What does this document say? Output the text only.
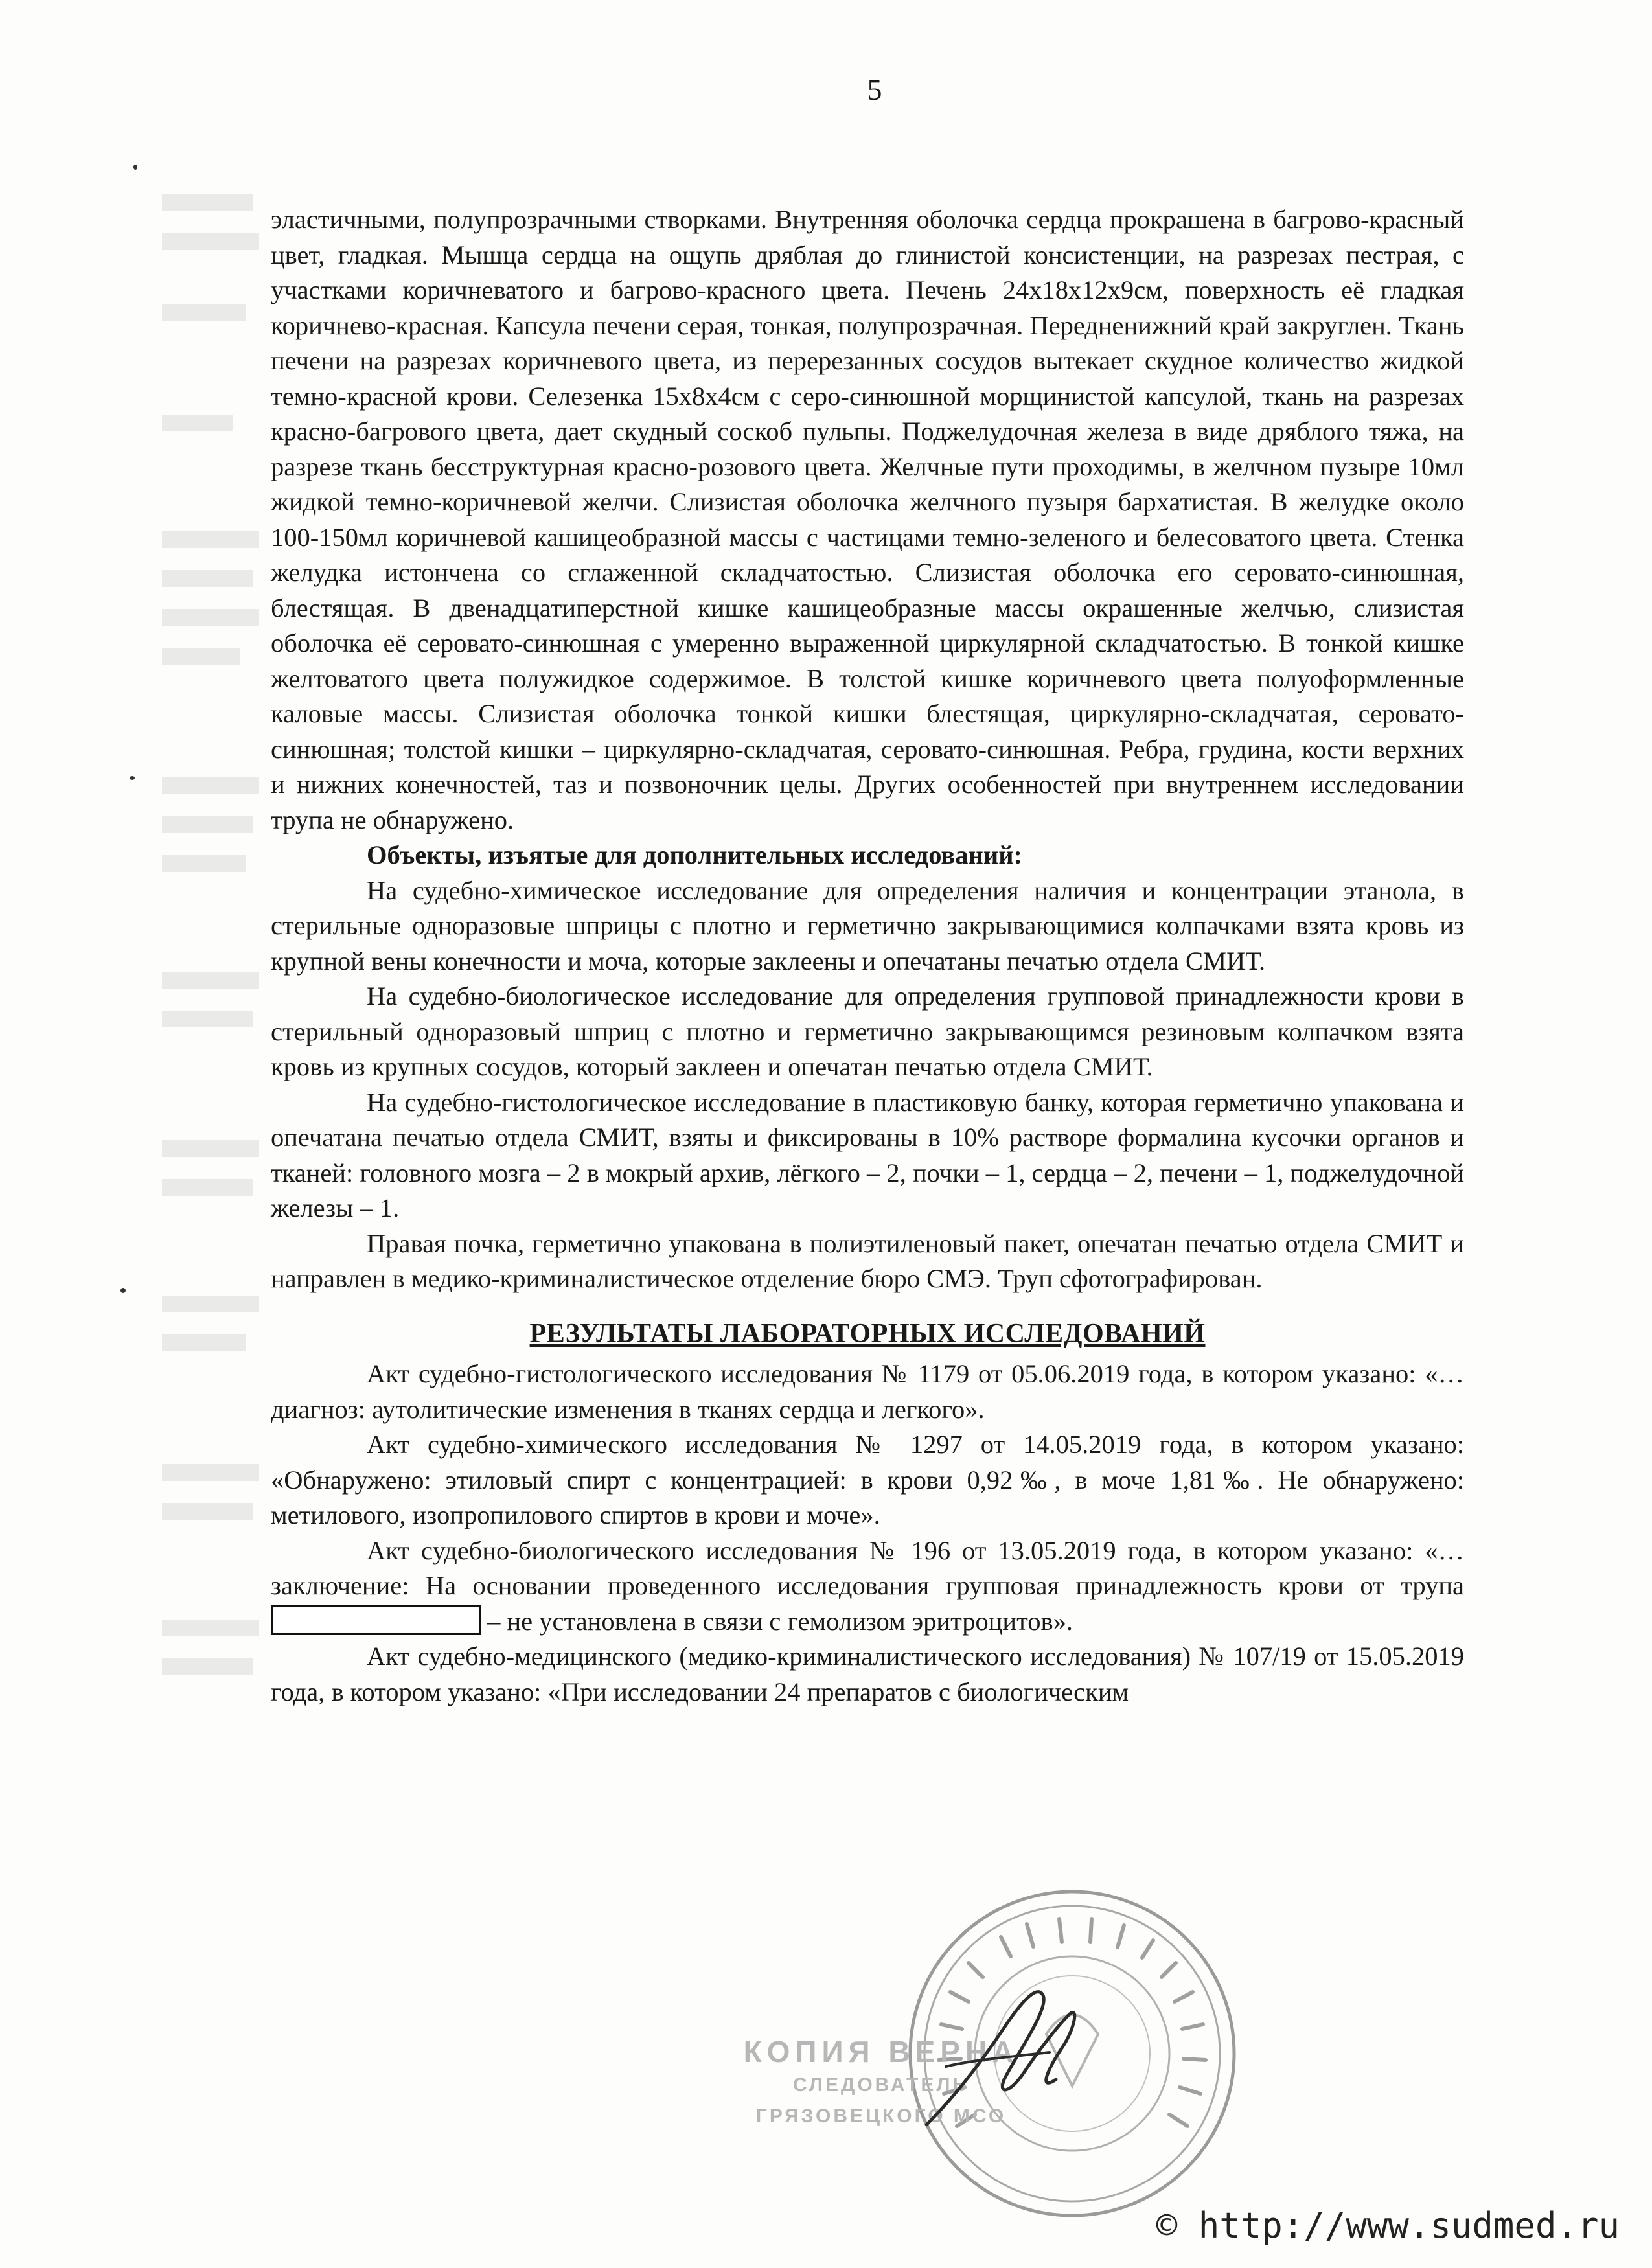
5

эластичными, полупрозрачными створками. Внутренняя оболочка сердца прокрашена в багрово-красный цвет, гладкая. Мышца сердца на ощупь дряблая до глинистой консистенции, на разрезах пестрая, с участками коричневатого и багрово-красного цвета. Печень 24х18х12х9см, поверхность её гладкая коричнево-красная. Капсула печени серая, тонкая, полупрозрачная. Передненижний край закруглен. Ткань печени на разрезах коричневого цвета, из перерезанных сосудов вытекает скудное количество жидкой темно-красной крови. Селезенка 15х8х4см с серо-синюшной морщинистой капсулой, ткань на разрезах красно-багрового цвета, дает скудный соскоб пульпы. Поджелудочная железа в виде дряблого тяжа, на разрезе ткань бесструктурная красно-розового цвета. Желчные пути проходимы, в желчном пузыре 10мл жидкой темно-коричневой желчи. Слизистая оболочка желчного пузыря бархатистая. В желудке около 100-150мл коричневой кашицеобразной массы с частицами темно-зеленого и белесоватого цвета. Стенка желудка истончена со сглаженной складчатостью. Слизистая оболочка его серовато-синюшная, блестящая. В двенадцатиперстной кишке кашицеобразные массы окрашенные желчью, слизистая оболочка её серовато-синюшная с умеренно выраженной циркулярной складчатостью. В тонкой кишке желтоватого цвета полужидкое содержимое. В толстой кишке коричневого цвета полуоформленные каловые массы. Слизистая оболочка тонкой кишки блестящая, циркулярно-складчатая, серовато-синюшная; толстой кишки – циркулярно-складчатая, серовато-синюшная. Ребра, грудина, кости верхних и нижних конечностей, таз и позвоночник целы. Других особенностей при внутреннем исследовании трупа не обнаружено.

Объекты, изъятые для дополнительных исследований:

На судебно-химическое исследование для определения наличия и концентрации этанола, в стерильные одноразовые шприцы с плотно и герметично закрывающимися колпачками взята кровь из крупной вены конечности и моча, которые заклеены и опечатаны печатью отдела СМИТ.

На судебно-биологическое исследование для определения групповой принадлежности крови в стерильный одноразовый шприц с плотно и герметично закрывающимся резиновым колпачком взята кровь из крупных сосудов, который заклеен и опечатан печатью отдела СМИТ.

На судебно-гистологическое исследование в пластиковую банку, которая герметично упакована и опечатана печатью отдела СМИТ, взяты и фиксированы в 10% растворе формалина кусочки органов и тканей: головного мозга – 2 в мокрый архив, лёгкого – 2, почки – 1, сердца – 2, печени – 1, поджелудочной железы – 1.

Правая почка, герметично упакована в полиэтиленовый пакет, опечатан печатью отдела СМИТ и направлен в медико-криминалистическое отделение бюро СМЭ. Труп сфотографирован.

РЕЗУЛЬТАТЫ ЛАБОРАТОРНЫХ ИССЛЕДОВАНИЙ

Акт судебно-гистологического исследования № 1179 от 05.06.2019 года, в котором указано: «… диагноз: аутолитические изменения в тканях сердца и легкого».

Акт судебно-химического исследования № 1297 от 14.05.2019 года, в котором указано: «Обнаружено: этиловый спирт с концентрацией: в крови 0,92‰, в моче 1,81‰. Не обнаружено: метилового, изопропилового спиртов в крови и моче».

Акт судебно-биологического исследования № 196 от 13.05.2019 года, в котором указано: «… заключение: На основании проведенного исследования групповая принадлежность крови от трупа  – не установлена в связи с гемолизом эритроцитов».

Акт судебно-медицинского (медико-криминалистического исследования) № 107/19 от 15.05.2019 года, в котором указано: «При исследовании 24 препаратов с биологическим

КОПИЯ ВЕРНА
СЛЕДОВАТЕЛЬ
ГРЯЗОВЕЦКОГО МСО
© http://www.sudmed.ru
